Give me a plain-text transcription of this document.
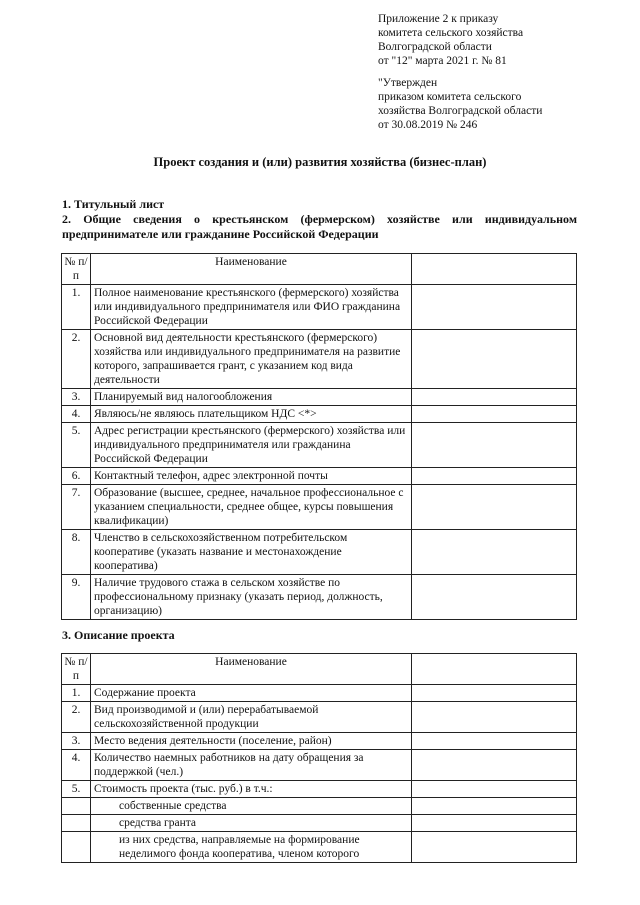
Приложение 2 к приказу
комитета сельского хозяйства
Волгоградской области
от "12" марта 2021 г. № 81
"Утвержден
приказом комитета сельского
хозяйства Волгоградской области
от 30.08.2019 № 246
Проект создания и (или) развития хозяйства (бизнес-план)
1. Титульный лист
2. Общие сведения о крестьянском (фермерском) хозяйстве или индивидуальном предпринимателе или гражданине Российской Федерации
№ п/п	Наименование	
1.	Полное наименование крестьянского (фермерского) хозяйства или индивидуального предпринимателя или ФИО гражданина Российской Федерации	
2.	Основной вид деятельности крестьянского (фермерского) хозяйства или индивидуального предпринимателя на развитие которого, запрашивается грант, с указанием код вида деятельности	
3.	Планируемый вид налогообложения	
4.	Являюсь/не являюсь плательщиком НДС <*>	
5.	Адрес регистрации крестьянского (фермерского) хозяйства или индивидуального предпринимателя или гражданина Российской Федерации	
6.	Контактный телефон, адрес электронной почты	
7.	Образование (высшее, среднее, начальное профессиональное с указанием специальности, среднее общее, курсы повышения квалификации)	
8.	Членство в сельскохозяйственном потребительском кооперативе (указать название и местонахождение кооператива)	
9.	Наличие трудового стажа в сельском хозяйстве по профессиональному признаку (указать период, должность, организацию)	
3. Описание проекта
№ п/п	Наименование	
1.	Содержание проекта	
2.	Вид производимой и (или) перерабатываемой сельскохозяйственной продукции	
3.	Место ведения деятельности (поселение, район)	
4.	Количество наемных работников на дату обращения за поддержкой (чел.)	
5.	Стоимость проекта (тыс. руб.) в т.ч.:	
	собственные средства	
	средства гранта	
	из них средства, направляемые на формирование неделимого фонда кооператива, членом которого	
